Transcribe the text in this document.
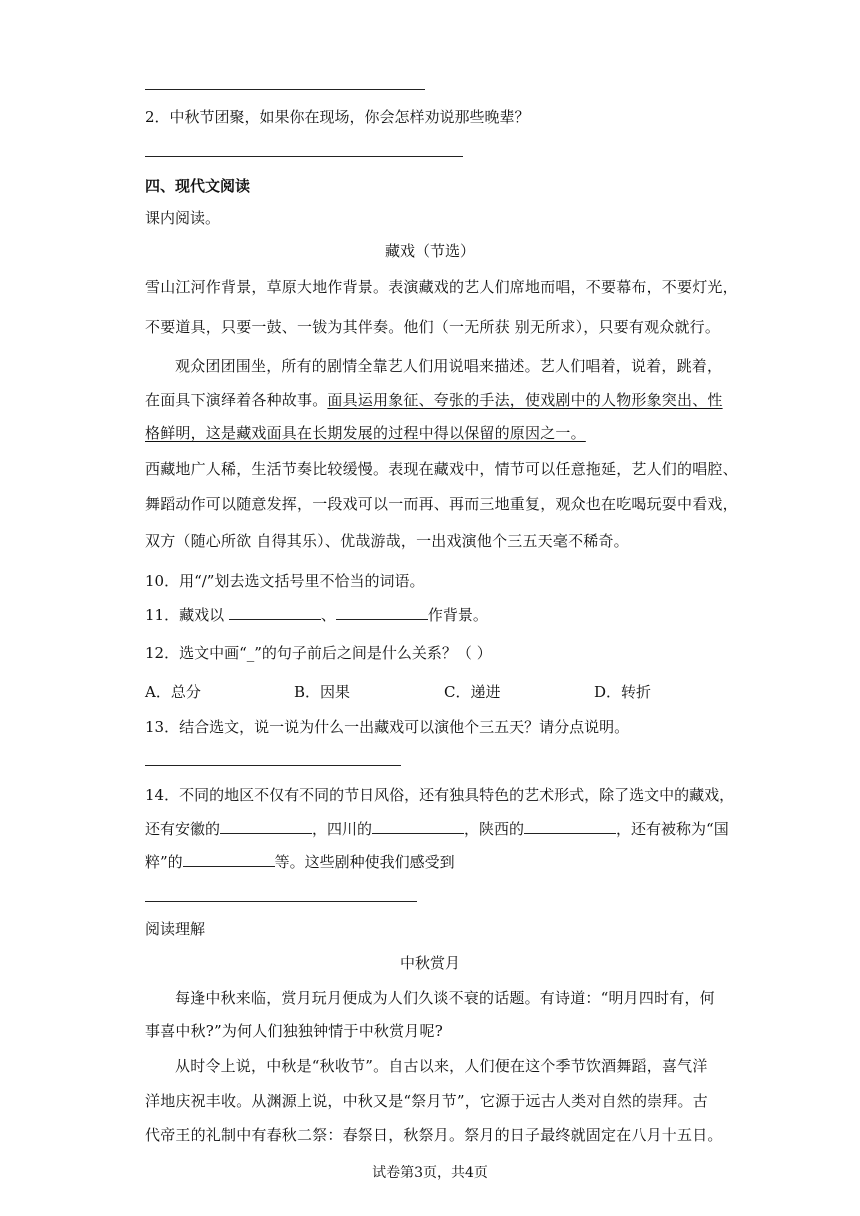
2．中秋节团聚，如果你在现场，你会怎样劝说那些晚辈？
四、现代文阅读
课内阅读。
藏戏（节选）
雪山江河作背景，草原大地作背景。表演藏戏的艺人们席地而唱，不要幕布，不要灯光，
不要道具，只要一鼓、一钹为其伴奏。他们（一无所获 别无所求），只要有观众就行。
观众团团围坐，所有的剧情全靠艺人们用说唱来描述。艺人们唱着，说着，跳着，
在面具下演绎着各种故事。面具运用象征、夸张的手法，使戏剧中的人物形象突出、性
格鲜明，这是藏戏面具在长期发展的过程中得以保留的原因之一。
西藏地广人稀，生活节奏比较缓慢。表现在藏戏中，情节可以任意拖延，艺人们的唱腔、
舞蹈动作可以随意发挥，一段戏可以一而再、再而三地重复，观众也在吃喝玩耍中看戏，
双方（随心所欲 自得其乐）、优哉游哉，一出戏演他个三五天毫不稀奇。
10．用“/”划去选文括号里不恰当的词语。
11．藏戏以	、	作背景。
12．选文中画“_”的句子前后之间是什么关系？（ ）
A．总分	B．因果	C．递进	D．转折
13．结合选文，说一说为什么一出藏戏可以演他个三五天？请分点说明。
14．不同的地区不仅有不同的节日风俗，还有独具特色的艺术形式，除了选文中的藏戏，
还有安徽的	，四川的	，陕西的	，还有被称为“国
粹”的	等。这些剧种使我们感受到
阅读理解
中秋赏月
每逢中秋来临，赏月玩月便成为人们久谈不衰的话题。有诗道：“明月四时有，何
事喜中秋?”为何人们独独钟情于中秋赏月呢?
从时令上说，中秋是“秋收节”。自古以来，人们便在这个季节饮酒舞蹈，喜气洋
洋地庆祝丰收。从渊源上说，中秋又是“祭月节”，它源于远古人类对自然的崇拜。古
代帝王的礼制中有春秋二祭：春祭日，秋祭月。祭月的日子最终就固定在八月十五日。
试卷第3页，共4页
